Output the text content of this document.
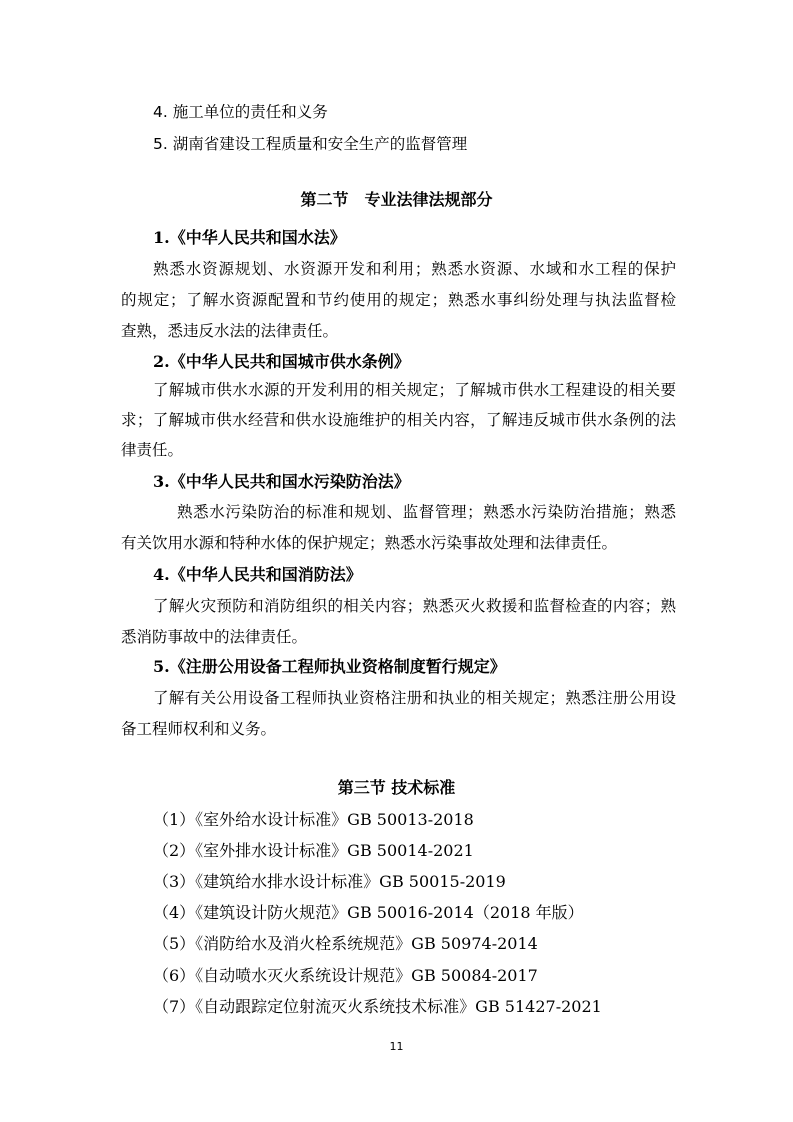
4. 施工单位的责任和义务
5. 湖南省建设工程质量和安全生产的监督管理
第二节　专业法律法规部分
1.《中华人民共和国水法》
熟悉水资源规划、水资源开发和利用；熟悉水资源、水域和水工程的保护
的规定；了解水资源配置和节约使用的规定；熟悉水事纠纷处理与执法监督检
查熟，悉违反水法的法律责任。
2.《中华人民共和国城市供水条例》
了解城市供水水源的开发利用的相关规定；了解城市供水工程建设的相关要
求；了解城市供水经营和供水设施维护的相关内容，了解违反城市供水条例的法
律责任。
3.《中华人民共和国水污染防治法》
熟悉水污染防治的标准和规划、监督管理；熟悉水污染防治措施；熟悉
有关饮用水源和特种水体的保护规定；熟悉水污染事故处理和法律责任。
4.《中华人民共和国消防法》
了解火灾预防和消防组织的相关内容；熟悉灭火救援和监督检查的内容；熟
悉消防事故中的法律责任。
5.《注册公用设备工程师执业资格制度暂行规定》
了解有关公用设备工程师执业资格注册和执业的相关规定；熟悉注册公用设
备工程师权利和义务。
第三节 技术标准
（1）《室外给水设计标准》GB 50013-2018
（2）《室外排水设计标准》GB 50014-2021
（3）《建筑给水排水设计标准》GB 50015-2019
（4）《建筑设计防火规范》GB 50016-2014（2018 年版）
（5）《消防给水及消火栓系统规范》GB 50974-2014
（6）《自动喷水灭火系统设计规范》GB 50084-2017
（7）《自动跟踪定位射流灭火系统技术标准》GB 51427-2021
11
